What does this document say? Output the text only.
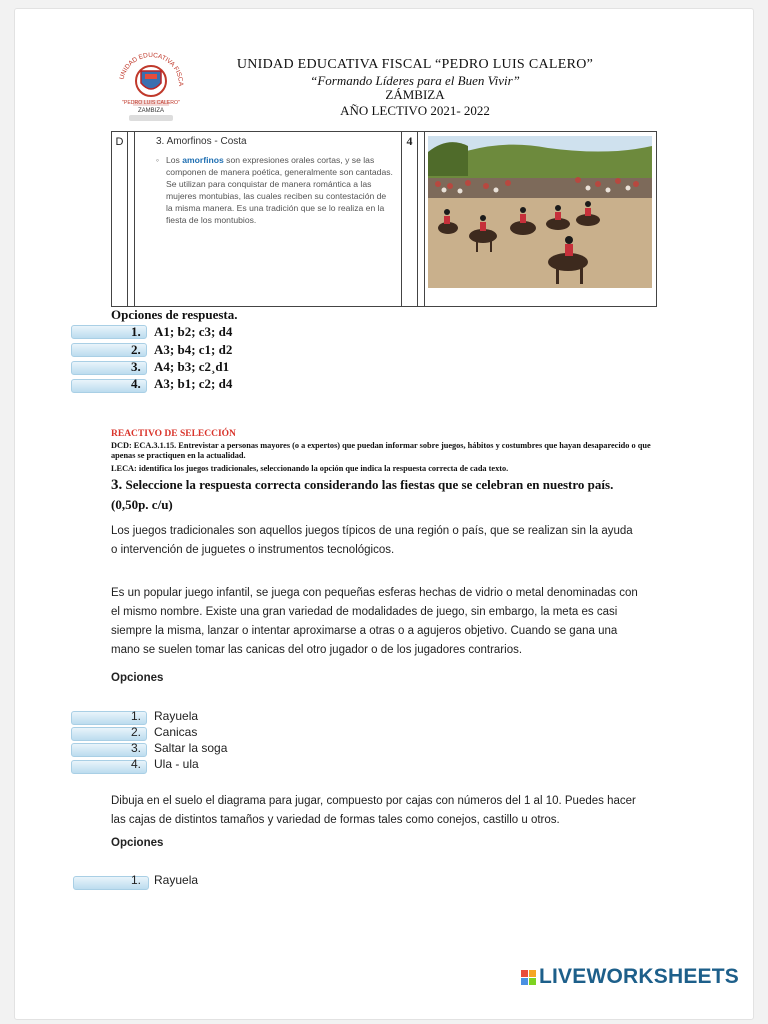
UNIDAD EDUCATIVA FISCA
"PEDRO LUIS CALERO"
ZAMBIZA
UNIDAD EDUCATIVA FISCAL “PEDRO LUIS CALERO”
“Formando Líderes para el Buen Vivir”
ZÁMBIZA
AÑO LECTIVO 2021- 2022
D	3. Amorfinos - Costa
◦ Los amorfinos son expresiones orales cortas, y se las componen de manera poética, generalmente son cantadas. Se utilizan para conquistar de manera romántica a las mujeres montubias, las cuales reciben su contestación de la misma manera. Es una tradición que se lo realiza en la fiesta de los montubios.
4
Opciones de respuesta.
1. A1; b2; c3; d4
2. A3; b4; c1; d2
3. A4; b3; c2¸d1
4. A3; b1; c2; d4
REACTIVO DE SELECCIÓN
DCD: ECA.3.1.15. Entrevistar a personas mayores (o a expertos) que puedan informar sobre juegos, hábitos y costumbres que hayan desaparecido o que apenas se practiquen en la actualidad.
LECA: identifica los juegos tradicionales, seleccionando la opción que indica la respuesta correcta de cada texto.
3. Seleccione la respuesta correcta considerando las fiestas que se celebran en nuestro país. (0,50p. c/u)
Los juegos tradicionales son aquellos juegos típicos de una región o país, que se realizan sin la ayuda o intervención de juguetes o instrumentos tecnológicos.
Es un popular juego infantil, se juega con pequeñas esferas hechas de vidrio o metal denominadas con el mismo nombre. Existe una gran variedad de modalidades de juego, sin embargo, la meta es casi siempre la misma, lanzar o intentar aproximarse a otras o a agujeros objetivo. Cuando se gana una mano se suelen tomar las canicas del otro jugador o de los jugadores contrarios.
Opciones
1. Rayuela
2. Canicas
3. Saltar la soga
4. Ula - ula
Dibuja en el suelo el diagrama para jugar, compuesto por cajas con números del 1 al 10. Puedes hacer las cajas de distintos tamaños y variedad de formas tales como conejos, castillo u otros.
Opciones
1. Rayuela
LIVEWORKSHEETS
